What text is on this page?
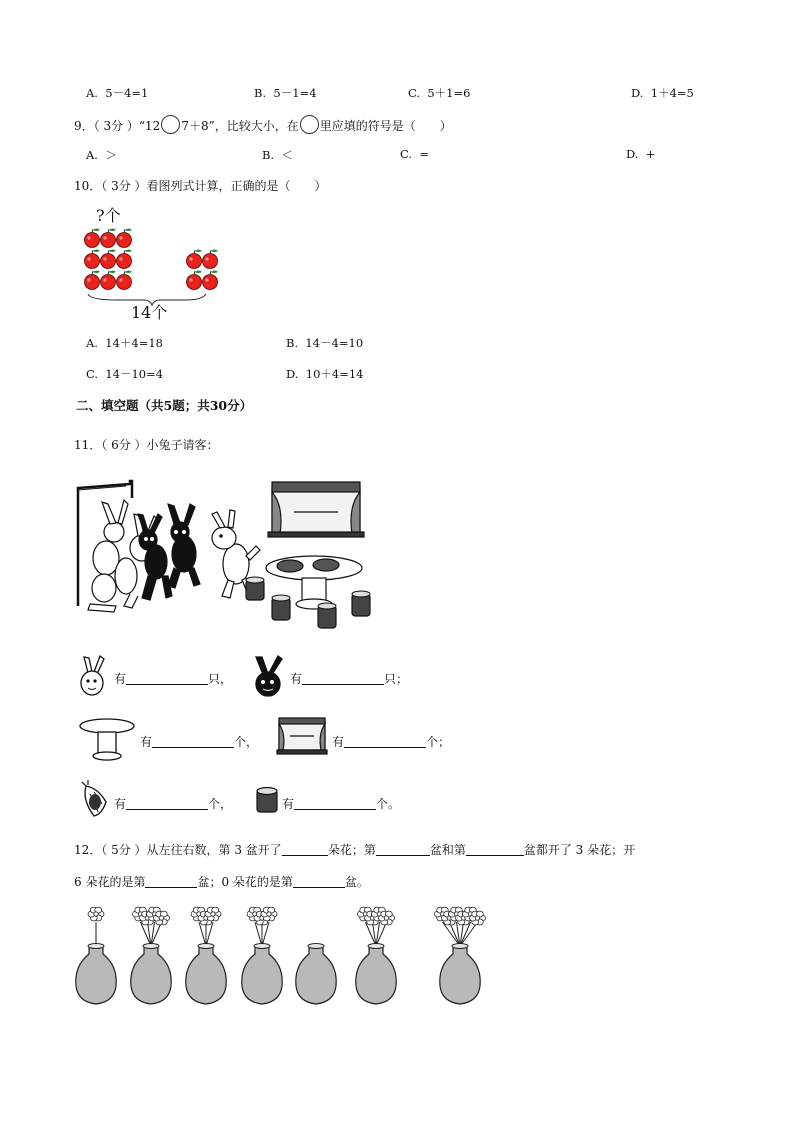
A. 5－4=1	B. 5－1=4	C. 5＋1=6	D. 1＋4=5
9．（ 3分 ）“12 7＋8”，比较大小，在 里应填的符号是（　　）
A. ＞	B. ＜	C. =	D. +
10．（ 3分 ）看图列式计算，正确的是（　　）
?个
14个
A. 14＋4=18	B. 14－4=10
C. 14－10=4	D. 10＋4=14
二、填空题（共5题；共30分）
11．（ 6分 ）小兔子请客：
有	只，	有	只；
有	个，	有	个；
有	个，	有	个。
12．（ 5分 ）从左往右数，第 3 盆开了	朵花；第	盆和第	盆都开了 3 朵花；开
6 朵花的是第	盆；0 朵花的是第	盆。
